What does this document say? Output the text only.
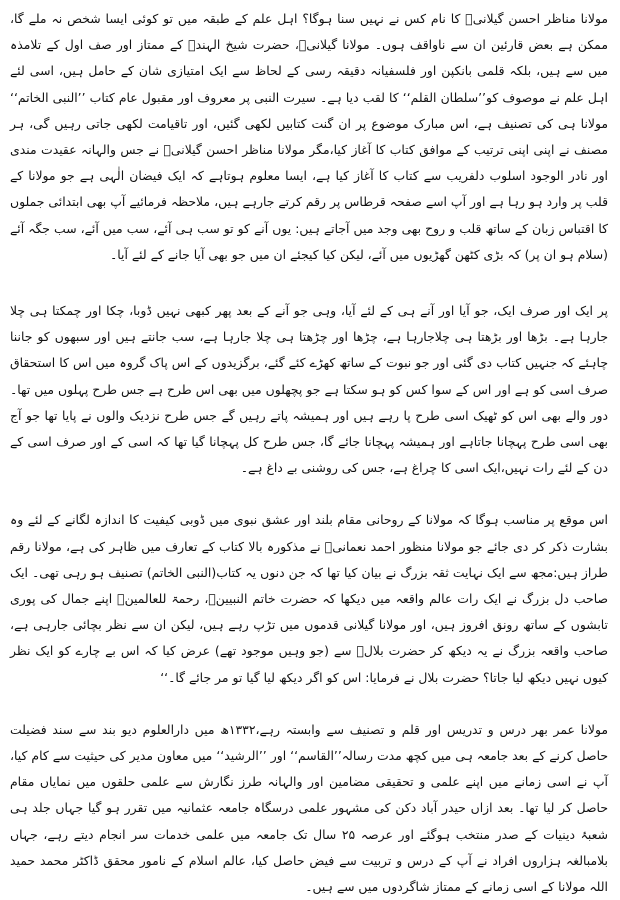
مولانا مناظر احسن گیلانیؒ کا نام کس نے نہیں سنا ہوگا؟ اہل علم کے طبقہ میں تو کوئی ایسا شخص نہ ملے گا، ممکن ہے بعض قارئین ان سے ناواقف ہوں۔ مولانا گیلانیؒ، حضرت شیخ الہندؒ کے ممتاز اور صف اول کے تلامذہ میں سے ہیں، بلکہ قلمی بانکپن اور فلسفیانہ دقیقہ رسی کے لحاظ سے ایک امتیازی شان کے حامل ہیں، اسی لئے اہل علم نے موصوف کو’’سلطان القلم‘‘ کا لقب دیا ہے۔ سیرت النبی پر معروف اور مقبول عام کتاب ’’النبی الخاتم‘‘ مولانا ہی کی تصنیف ہے، اس مبارک موضوع پر ان گنت کتابیں لکھی گئیں، اور تاقیامت لکھی جاتی رہیں گی، ہر مصنف نے اپنی اپنی ترتیب کے موافق کتاب کا آغاز کیا،مگر مولانا مناظر احسن گیلانیؒ نے جس والہانہ عقیدت مندی اور نادر الوجود اسلوب دلفریب سے کتاب کا آغاز کیا ہے، ایسا معلوم ہوتاہے کہ ایک فیضان الٰہی ہے جو مولانا کے قلب پر وارد ہو رہا ہے اور آپ اسے صفحہ قرطاس پر رقم کرتے جارہے ہیں، ملاحظہ فرمائیے آپ بھی ابتدائی جملوں کا اقتباس زبان کے ساتھ قلب و روح بھی وجد میں آجاتے ہیں: یوں آنے کو تو سب ہی آئے، سب میں آئے، سب جگہ آئے (سلام ہو ان پر) کہ بڑی کٹھن گھڑیوں میں آئے، لیکن کیا کیجئے ان میں جو بھی آیا جانے کے لئے آیا۔

پر ایک اور صرف ایک، جو آیا اور آنے ہی کے لئے آیا، وہی جو آنے کے بعد پھر کبھی نہیں ڈوبا، چکا اور چمکتا ہی چلا جارہا ہے۔ بڑھا اور بڑھتا ہی چلاجارہا ہے، چڑھا اور چڑھتا ہی چلا جارہا ہے، سب جانتے ہیں اور سبھوں کو جاننا چاہئے کہ جنہیں کتاب دی گئی اور جو نبوت کے ساتھ کھڑے کئے گئے، برگزیدوں کے اس پاک گروہ میں اس کا استحقاق صرف اسی کو ہے اور اس کے سوا کس کو ہو سکتا ہے جو پچھلوں میں بھی اس طرح ہے جس طرح پہلوں میں تھا۔دور والے بھی اس کو ٹھیک اسی طرح پا رہے ہیں اور ہمیشہ پاتے رہیں گے جس طرح نزدیک والوں نے پایا تھا جو آج بھی اسی طرح پہچانا جاتاہے اور ہمیشہ پہچانا جائے گا، جس طرح کل پہچانا گیا تھا کہ اسی کے اور صرف اسی کے دن کے لئے رات نہیں،ایک اسی کا چراغ ہے، جس کی روشنی بے داغ ہے۔

اس موقع پر مناسب ہوگا کہ مولانا کے روحانی مقام بلند اور عشق نبوی میں ڈوبی کیفیت کا اندازہ لگانے کے لئے وہ بشارت ذکر کر دی جائے جو مولانا منظور احمد نعمانیؒ نے مذکورہ بالا کتاب کے تعارف میں ظاہر کی ہے، مولانا رقم طراز ہیں:مجھ سے ایک نہایت ثقہ بزرگ نے بیان کیا تھا کہ جن دنوں یہ کتاب(النبی الخاتم) تصنیف ہو رہی تھی۔ ایک صاحب دل بزرگ نے ایک رات عالم واقعہ میں دیکھا کہ حضرت خاتم النبیینؐ، رحمۃ للعالمینﷺ اپنے جمال کی پوری تابشوں کے ساتھ رونق افروز ہیں، اور مولانا گیلانی قدموں میں تڑپ رہے ہیں، لیکن ان سے نظر بچائی جارہی ہے، صاحب واقعہ بزرگ نے یہ دیکھ کر حضرت بلالؓ سے (جو وہیں موجود تھے) عرض کیا کہ اس بے چارے کو ایک نظر کیوں نہیں دیکھ لیا جاتا؟ حضرت بلال نے فرمایا: اس کو اگر دیکھ لیا گیا تو مر جائے گا۔‘‘

مولانا عمر بھر درس و تدریس اور قلم و تصنیف سے وابستہ رہے،۱۳۳۲ھ میں دارالعلوم دیو بند سے سند فضیلت حاصل کرنے کے بعد جامعہ ہی میں کچھ مدت رسالہ’’القاسم‘‘ اور ’’الرشید‘‘ میں معاون مدیر کی حیثیت سے کام کیا، آپ نے اسی زمانے میں اپنے علمی و تحقیقی مضامین اور والہانہ طرز نگارش سے علمی حلقوں میں نمایاں مقام حاصل کر لیا تھا۔ بعد ازاں حیدر آباد دکن کی مشہور علمی درسگاہ جامعہ عثمانیہ میں تقرر ہو گیا جہاں جلد ہی شعبۂ دینیات کے صدر منتخب ہوگئے اور عرصہ ۲۵ سال تک جامعہ میں علمی خدمات سر انجام دیتے رہے، جہاں بلامبالغہ ہزاروں افراد نے آپ کے درس و تربیت سے فیض حاصل کیا، عالم اسلام کے نامور محقق ڈاکٹر محمد حمید اللہ مولانا کے اسی زمانے کے ممتاز شاگردوں میں سے ہیں۔
